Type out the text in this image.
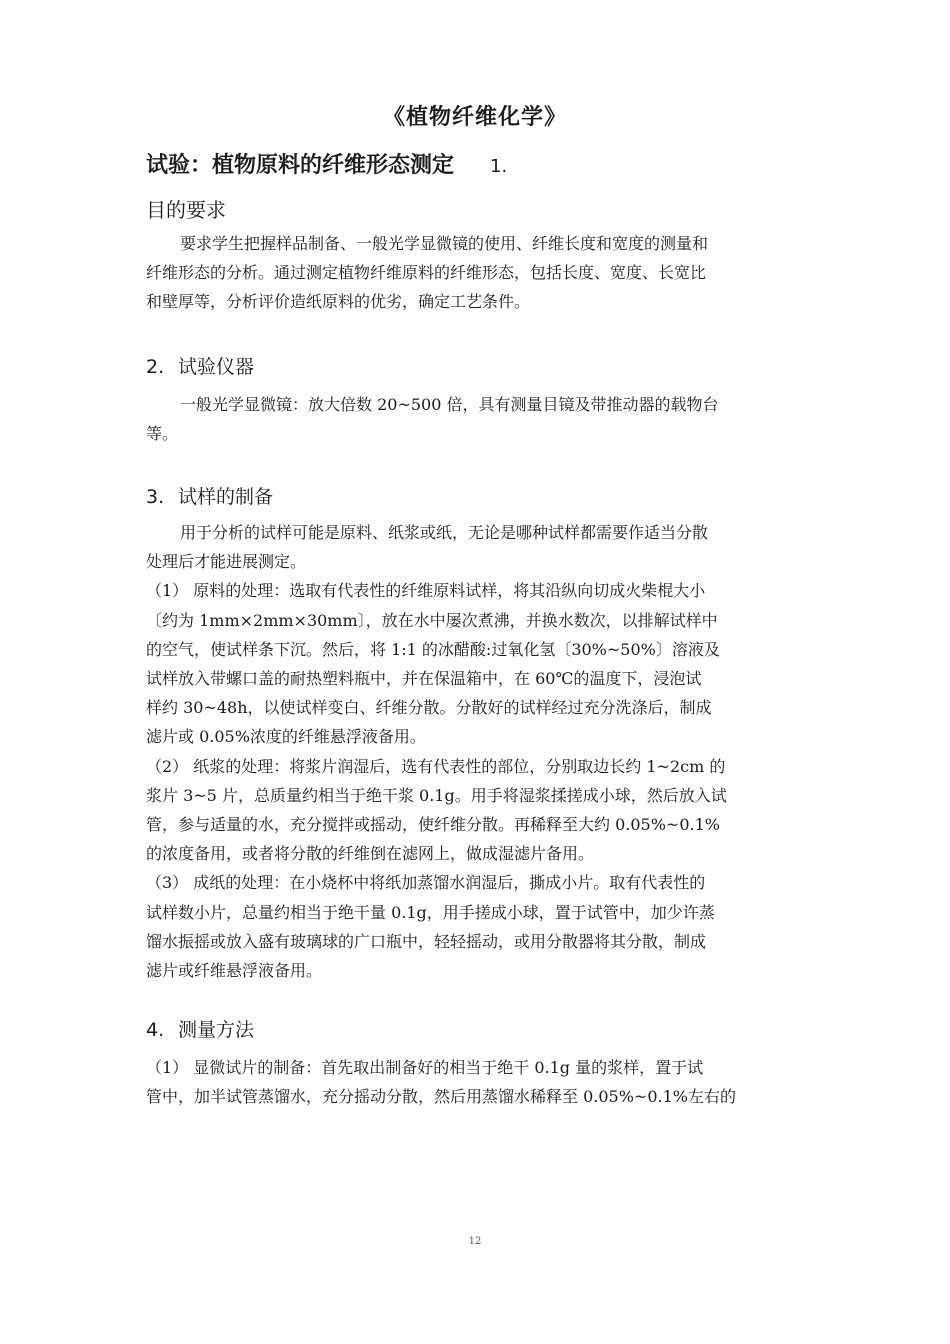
《植物纤维化学》
试验：植物原料的纤维形态测定 1.
目的要求
要求学生把握样品制备、一般光学显微镜的使用、纤维长度和宽度的测量和
纤维形态的分析。通过测定植物纤维原料的纤维形态，包括长度、宽度、长宽比
和壁厚等，分析评价造纸原料的优劣，确定工艺条件。
2. 试验仪器
一般光学显微镜：放大倍数 20~500 倍，具有测量目镜及带推动器的载物台
等。
3. 试样的制备
用于分析的试样可能是原料、纸浆或纸，无论是哪种试样都需要作适当分散
处理后才能进展测定。
（1） 原料的处理：选取有代表性的纤维原料试样，将其沿纵向切成火柴棍大小
〔约为 1mm×2mm×30mm〕，放在水中屡次煮沸，并换水数次，以排解试样中
的空气，使试样条下沉。然后，将 1:1 的冰醋酸:过氧化氢〔30%~50%〕溶液及
试样放入带螺口盖的耐热塑料瓶中，并在保温箱中，在 60℃的温度下，浸泡试
样约 30~48h，以使试样变白、纤维分散。分散好的试样经过充分洗涤后，制成
滤片或 0.05%浓度的纤维悬浮液备用。
（2） 纸浆的处理：将浆片润湿后，选有代表性的部位，分别取边长约 1~2cm 的
浆片 3~5 片，总质量约相当于绝干浆 0.1g。用手将湿浆揉搓成小球，然后放入试
管，参与适量的水，充分搅拌或摇动，使纤维分散。再稀释至大约 0.05%~0.1%
的浓度备用，或者将分散的纤维倒在滤网上，做成湿滤片备用。
（3） 成纸的处理：在小烧杯中将纸加蒸馏水润湿后，撕成小片。取有代表性的
试样数小片，总量约相当于绝干量 0.1g，用手搓成小球，置于试管中，加少许蒸
馏水振摇或放入盛有玻璃球的广口瓶中，轻轻摇动，或用分散器将其分散，制成
滤片或纤维悬浮液备用。
4. 测量方法
（1） 显微试片的制备：首先取出制备好的相当于绝干 0.1g 量的浆样，置于试
管中，加半试管蒸馏水，充分摇动分散，然后用蒸馏水稀释至 0.05%~0.1%左右的
12
